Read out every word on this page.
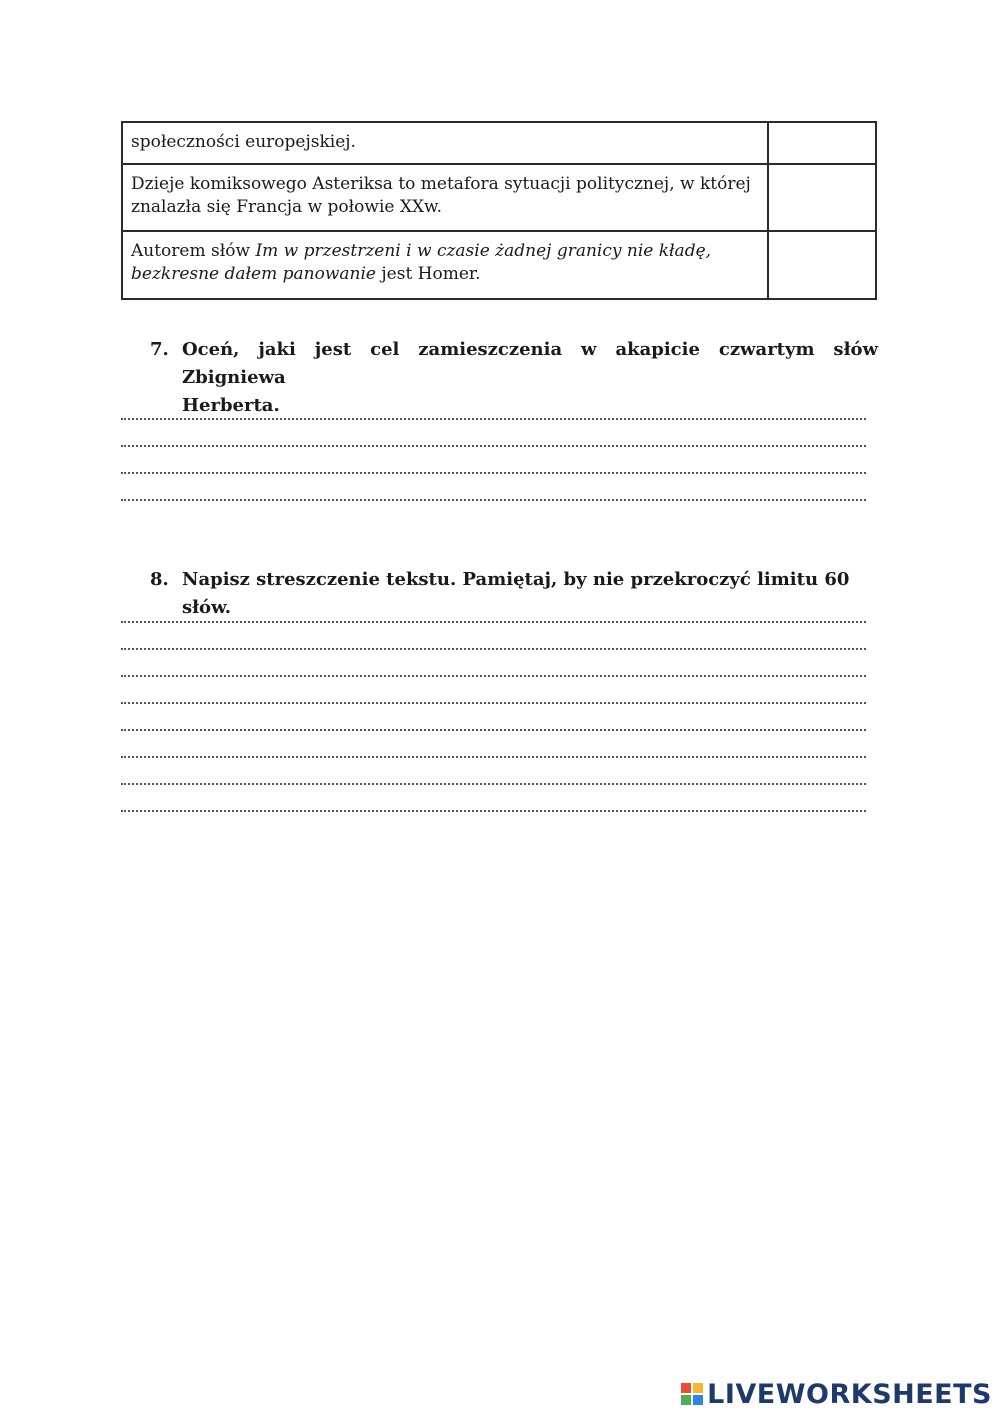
społeczności europejskiej.	
Dzieje komiksowego Asteriksa to metafora sytuacji politycznej, w której znalazła się Francja w połowie XXw.	
Autorem słów Im w przestrzeni i w czasie żadnej granicy nie kładę, bezkresne dałem panowanie jest Homer.	
7. Oceń, jaki jest cel zamieszczenia w akapicie czwartym słów Zbigniewa
Herberta.
8. Napisz streszczenie tekstu. Pamiętaj, by nie przekroczyć limitu 60 słów.
LIVEWORKSHEETS
